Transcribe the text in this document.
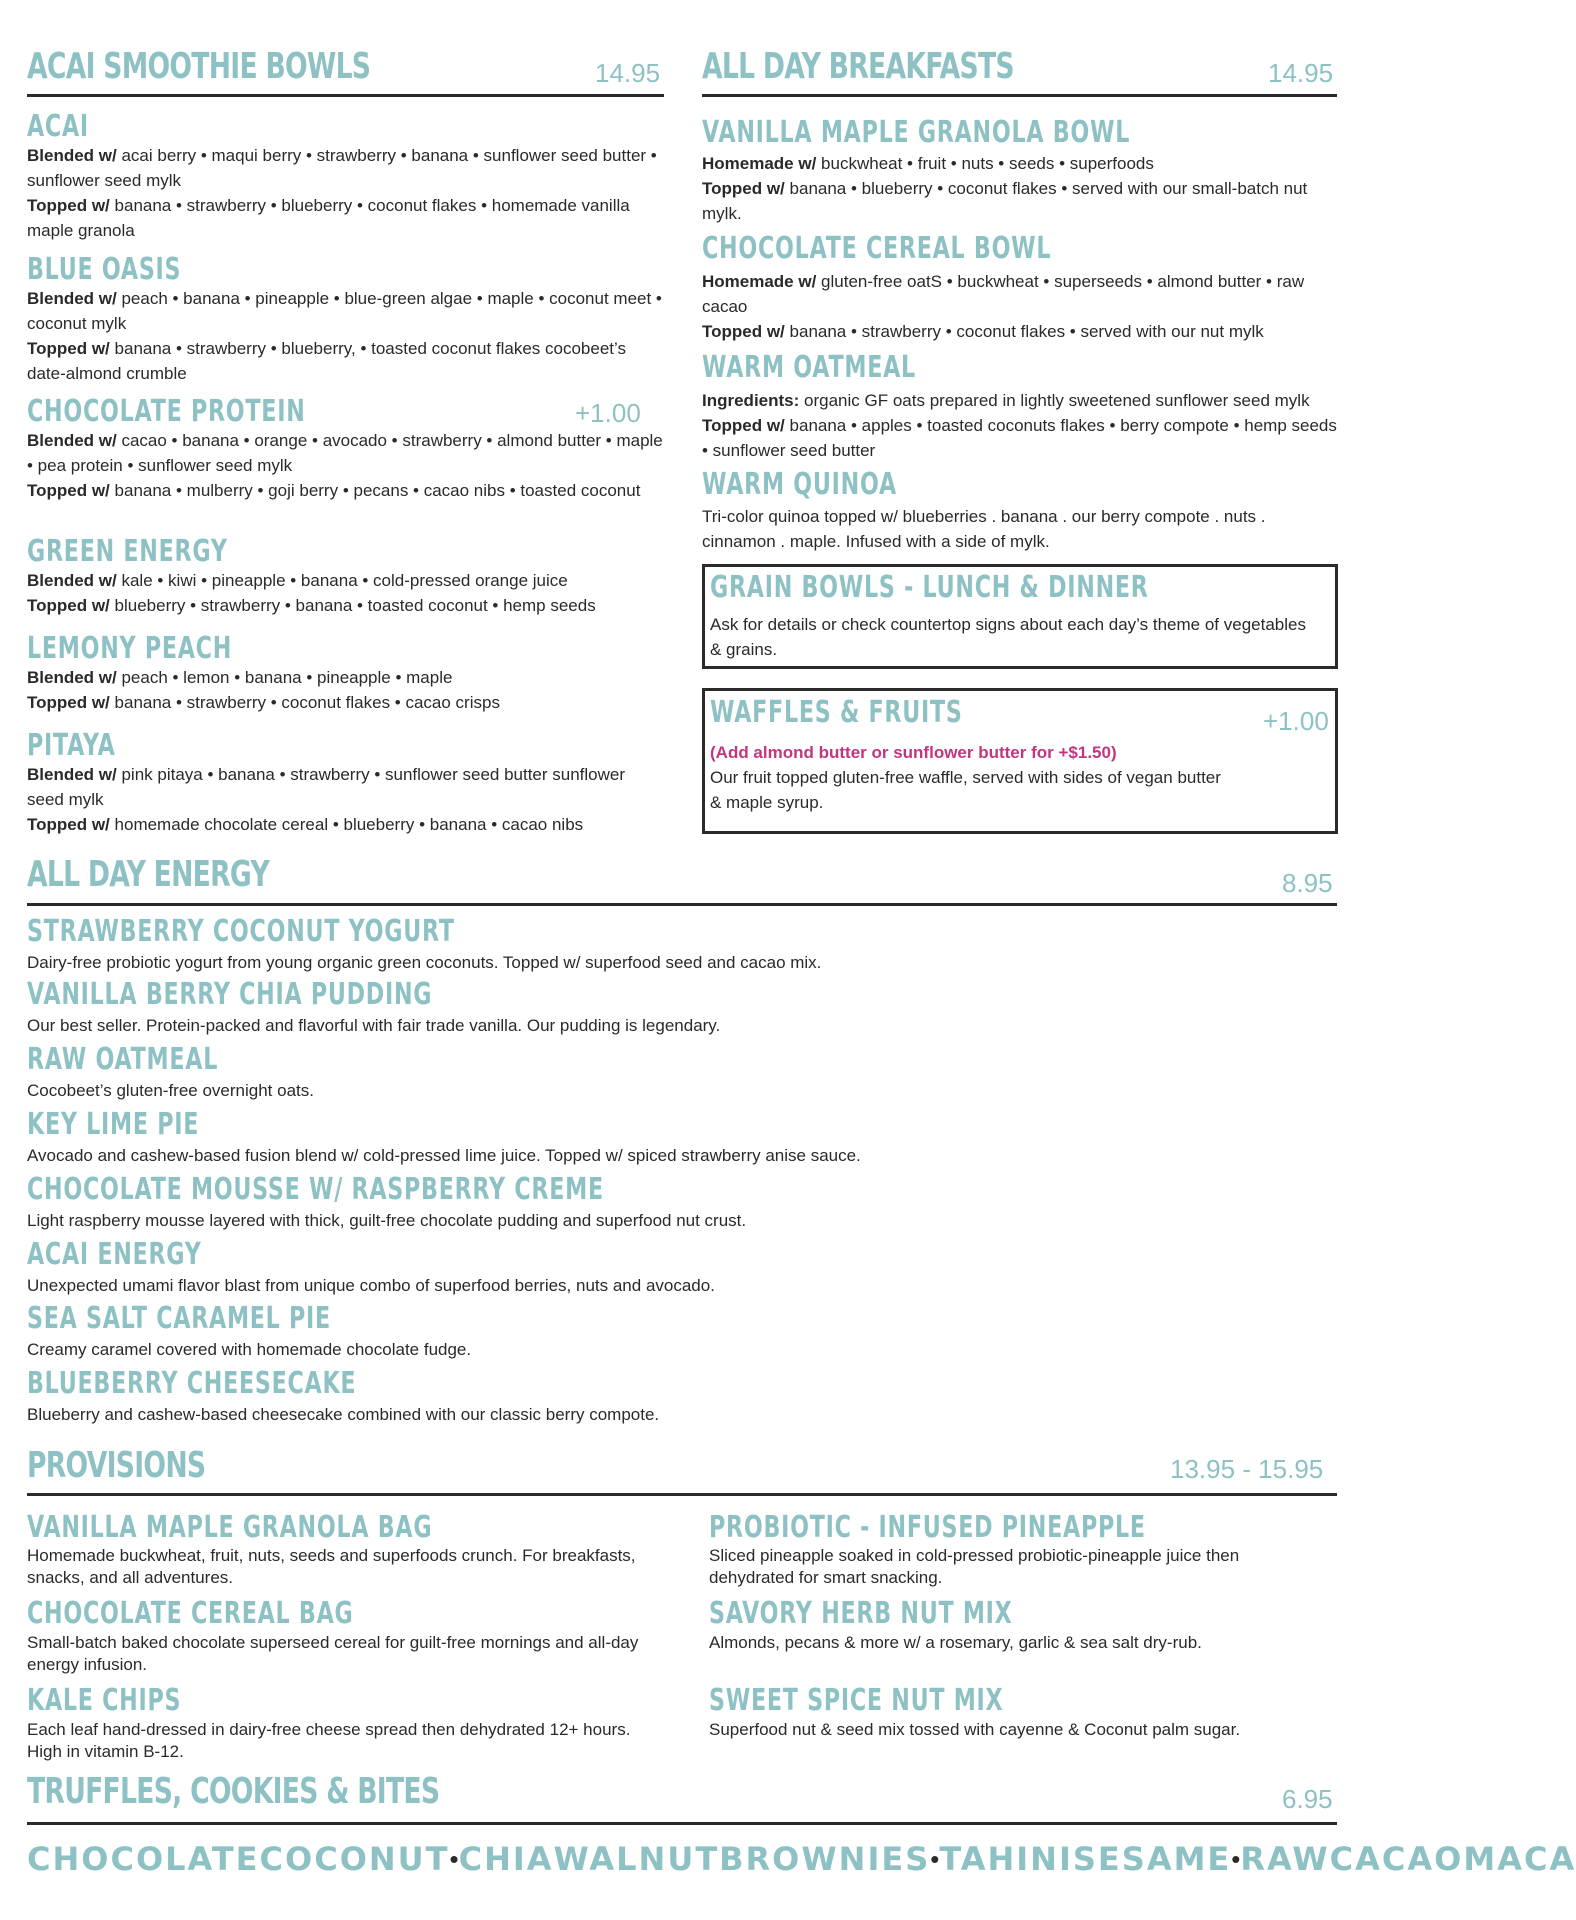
ACAI SMOOTHIE BOWLS	14.95
ACAI
Blended w/ acai berry • maqui berry • strawberry • banana • sunflower seed butter • sunflower seed mylk
Topped w/ banana • strawberry • blueberry • coconut flakes • homemade vanilla maple granola
BLUE OASIS
Blended w/ peach • banana • pineapple • blue-green algae • maple • coconut meet • coconut mylk
Topped w/ banana • strawberry • blueberry, • toasted coconut flakes cocobeet’s date-almond crumble
CHOCOLATE PROTEIN	+1.00
Blended w/ cacao • banana • orange • avocado • strawberry • almond butter • maple • pea protein • sunflower seed mylk
Topped w/ banana • mulberry • goji berry • pecans • cacao nibs • toasted coconut
GREEN ENERGY
Blended w/ kale • kiwi • pineapple • banana • cold-pressed orange juice
Topped w/ blueberry • strawberry • banana • toasted coconut • hemp seeds
LEMONY PEACH
Blended w/ peach • lemon • banana • pineapple • maple
Topped w/ banana • strawberry • coconut flakes • cacao crisps
PITAYA
Blended w/ pink pitaya • banana • strawberry • sunflower seed butter sunflower seed mylk
Topped w/ homemade chocolate cereal • blueberry • banana • cacao nibs
ALL DAY BREAKFASTS	14.95
VANILLA MAPLE GRANOLA BOWL
Homemade w/ buckwheat • fruit • nuts • seeds • superfoods
Topped w/ banana • blueberry • coconut flakes • served with our small-batch nut mylk.
CHOCOLATE CEREAL BOWL
Homemade w/ gluten-free oatS • buckwheat • superseeds • almond butter • raw cacao
Topped w/ banana • strawberry • coconut flakes • served with our nut mylk
WARM OATMEAL
Ingredients: organic GF oats prepared in lightly sweetened sunflower seed mylk
Topped w/ banana • apples • toasted coconuts flakes • berry compote • hemp seeds • sunflower seed butter
WARM QUINOA
Tri-color quinoa topped w/ blueberries . banana . our berry compote . nuts . cinnamon . maple. Infused with a side of mylk.
GRAIN BOWLS - LUNCH & DINNER
Ask for details or check countertop signs about each day’s theme of vegetables & grains.
WAFFLES & FRUITS	+1.00
(Add almond butter or sunflower butter for +$1.50)
Our fruit topped gluten-free waffle, served with sides of vegan butter & maple syrup.
ALL DAY ENERGY	8.95
STRAWBERRY COCONUT YOGURT
Dairy-free probiotic yogurt from young organic green coconuts. Topped w/ superfood seed and cacao mix.
VANILLA BERRY CHIA PUDDING
Our best seller. Protein-packed and flavorful with fair trade vanilla. Our pudding is legendary.
RAW OATMEAL
Cocobeet’s gluten-free overnight oats.
KEY LIME PIE
Avocado and cashew-based fusion blend w/ cold-pressed lime juice. Topped w/ spiced strawberry anise sauce.
CHOCOLATE MOUSSE W/ RASPBERRY CREME
Light raspberry mousse layered with thick, guilt-free chocolate pudding and superfood nut crust.
ACAI ENERGY
Unexpected umami flavor blast from unique combo of superfood berries, nuts and avocado.
SEA SALT CARAMEL PIE
Creamy caramel covered with homemade chocolate fudge.
BLUEBERRY CHEESECAKE
Blueberry and cashew-based cheesecake combined with our classic berry compote.
PROVISIONS	13.95 - 15.95
VANILLA MAPLE GRANOLA BAG
Homemade buckwheat, fruit, nuts, seeds and superfoods crunch. For breakfasts, snacks, and all adventures.
CHOCOLATE CEREAL BAG
Small-batch baked chocolate superseed cereal for guilt-free mornings and all-day energy infusion.
KALE CHIPS
Each leaf hand-dressed in dairy-free cheese spread then dehydrated 12+ hours. High in vitamin B-12.
PROBIOTIC - INFUSED PINEAPPLE
Sliced pineapple soaked in cold-pressed probiotic-pineapple juice then dehydrated for smart snacking.
SAVORY HERB NUT MIX
Almonds, pecans & more w/ a rosemary, garlic & sea salt dry-rub.
SWEET SPICE NUT MIX
Superfood nut & seed mix tossed with cayenne & Coconut palm sugar.
TRUFFLES, COOKIES & BITES	6.95
CHOCOLATE COCONUT • CHIA WALNUT BROWNIES • TAHINI SESAME • RAW CACAO MACA
